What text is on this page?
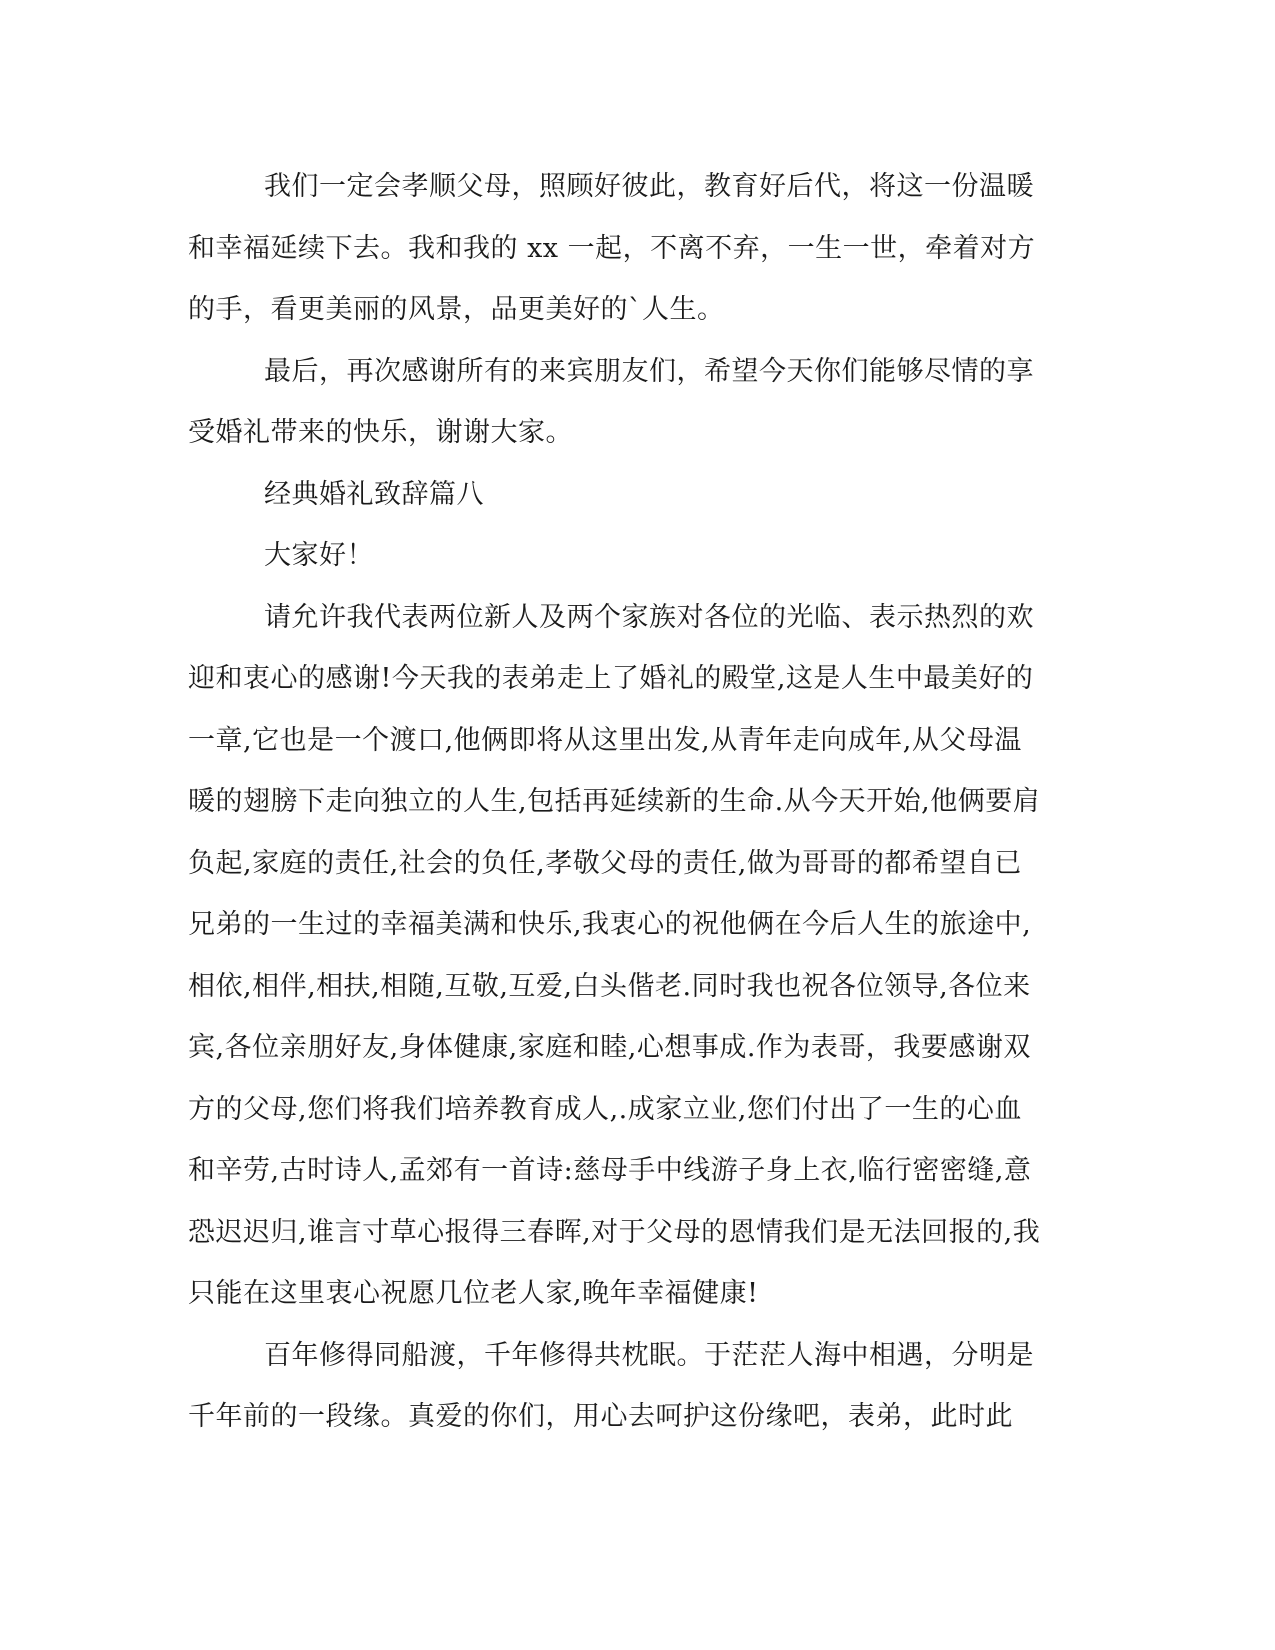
我们一定会孝顺父母，照顾好彼此，教育好后代，将这一份温暖
和幸福延续下去。我和我的 xx 一起，不离不弃，一生一世，牵着对方
的手，看更美丽的风景，品更美好的`人生。

最后，再次感谢所有的来宾朋友们，希望今天你们能够尽情的享
受婚礼带来的快乐，谢谢大家。

经典婚礼致辞篇八

大家好！

请允许我代表两位新人及两个家族对各位的光临、表示热烈的欢
迎和衷心的感谢!今天我的表弟走上了婚礼的殿堂,这是人生中最美好的
一章,它也是一个渡口,他俩即将从这里出发,从青年走向成年,从父母温
暖的翅膀下走向独立的人生,包括再延续新的生命.从今天开始,他俩要肩
负起,家庭的责任,社会的负任,孝敬父母的责任,做为哥哥的都希望自已
兄弟的一生过的幸福美满和快乐,我衷心的祝他俩在今后人生的旅途中,
相依,相伴,相扶,相随,互敬,互爱,白头偕老.同时我也祝各位领导,各位来
宾,各位亲朋好友,身体健康,家庭和睦,心想事成.作为表哥，我要感谢双
方的父母,您们将我们培养教育成人,.成家立业,您们付出了一生的心血
和辛劳,古时诗人,孟郊有一首诗:慈母手中线游子身上衣,临行密密缝,意
恐迟迟归,谁言寸草心报得三春晖,对于父母的恩情我们是无法回报的,我
只能在这里衷心祝愿几位老人家,晚年幸福健康!

百年修得同船渡，千年修得共枕眠。于茫茫人海中相遇，分明是
千年前的一段缘。真爱的你们，用心去呵护这份缘吧，表弟，此时此
